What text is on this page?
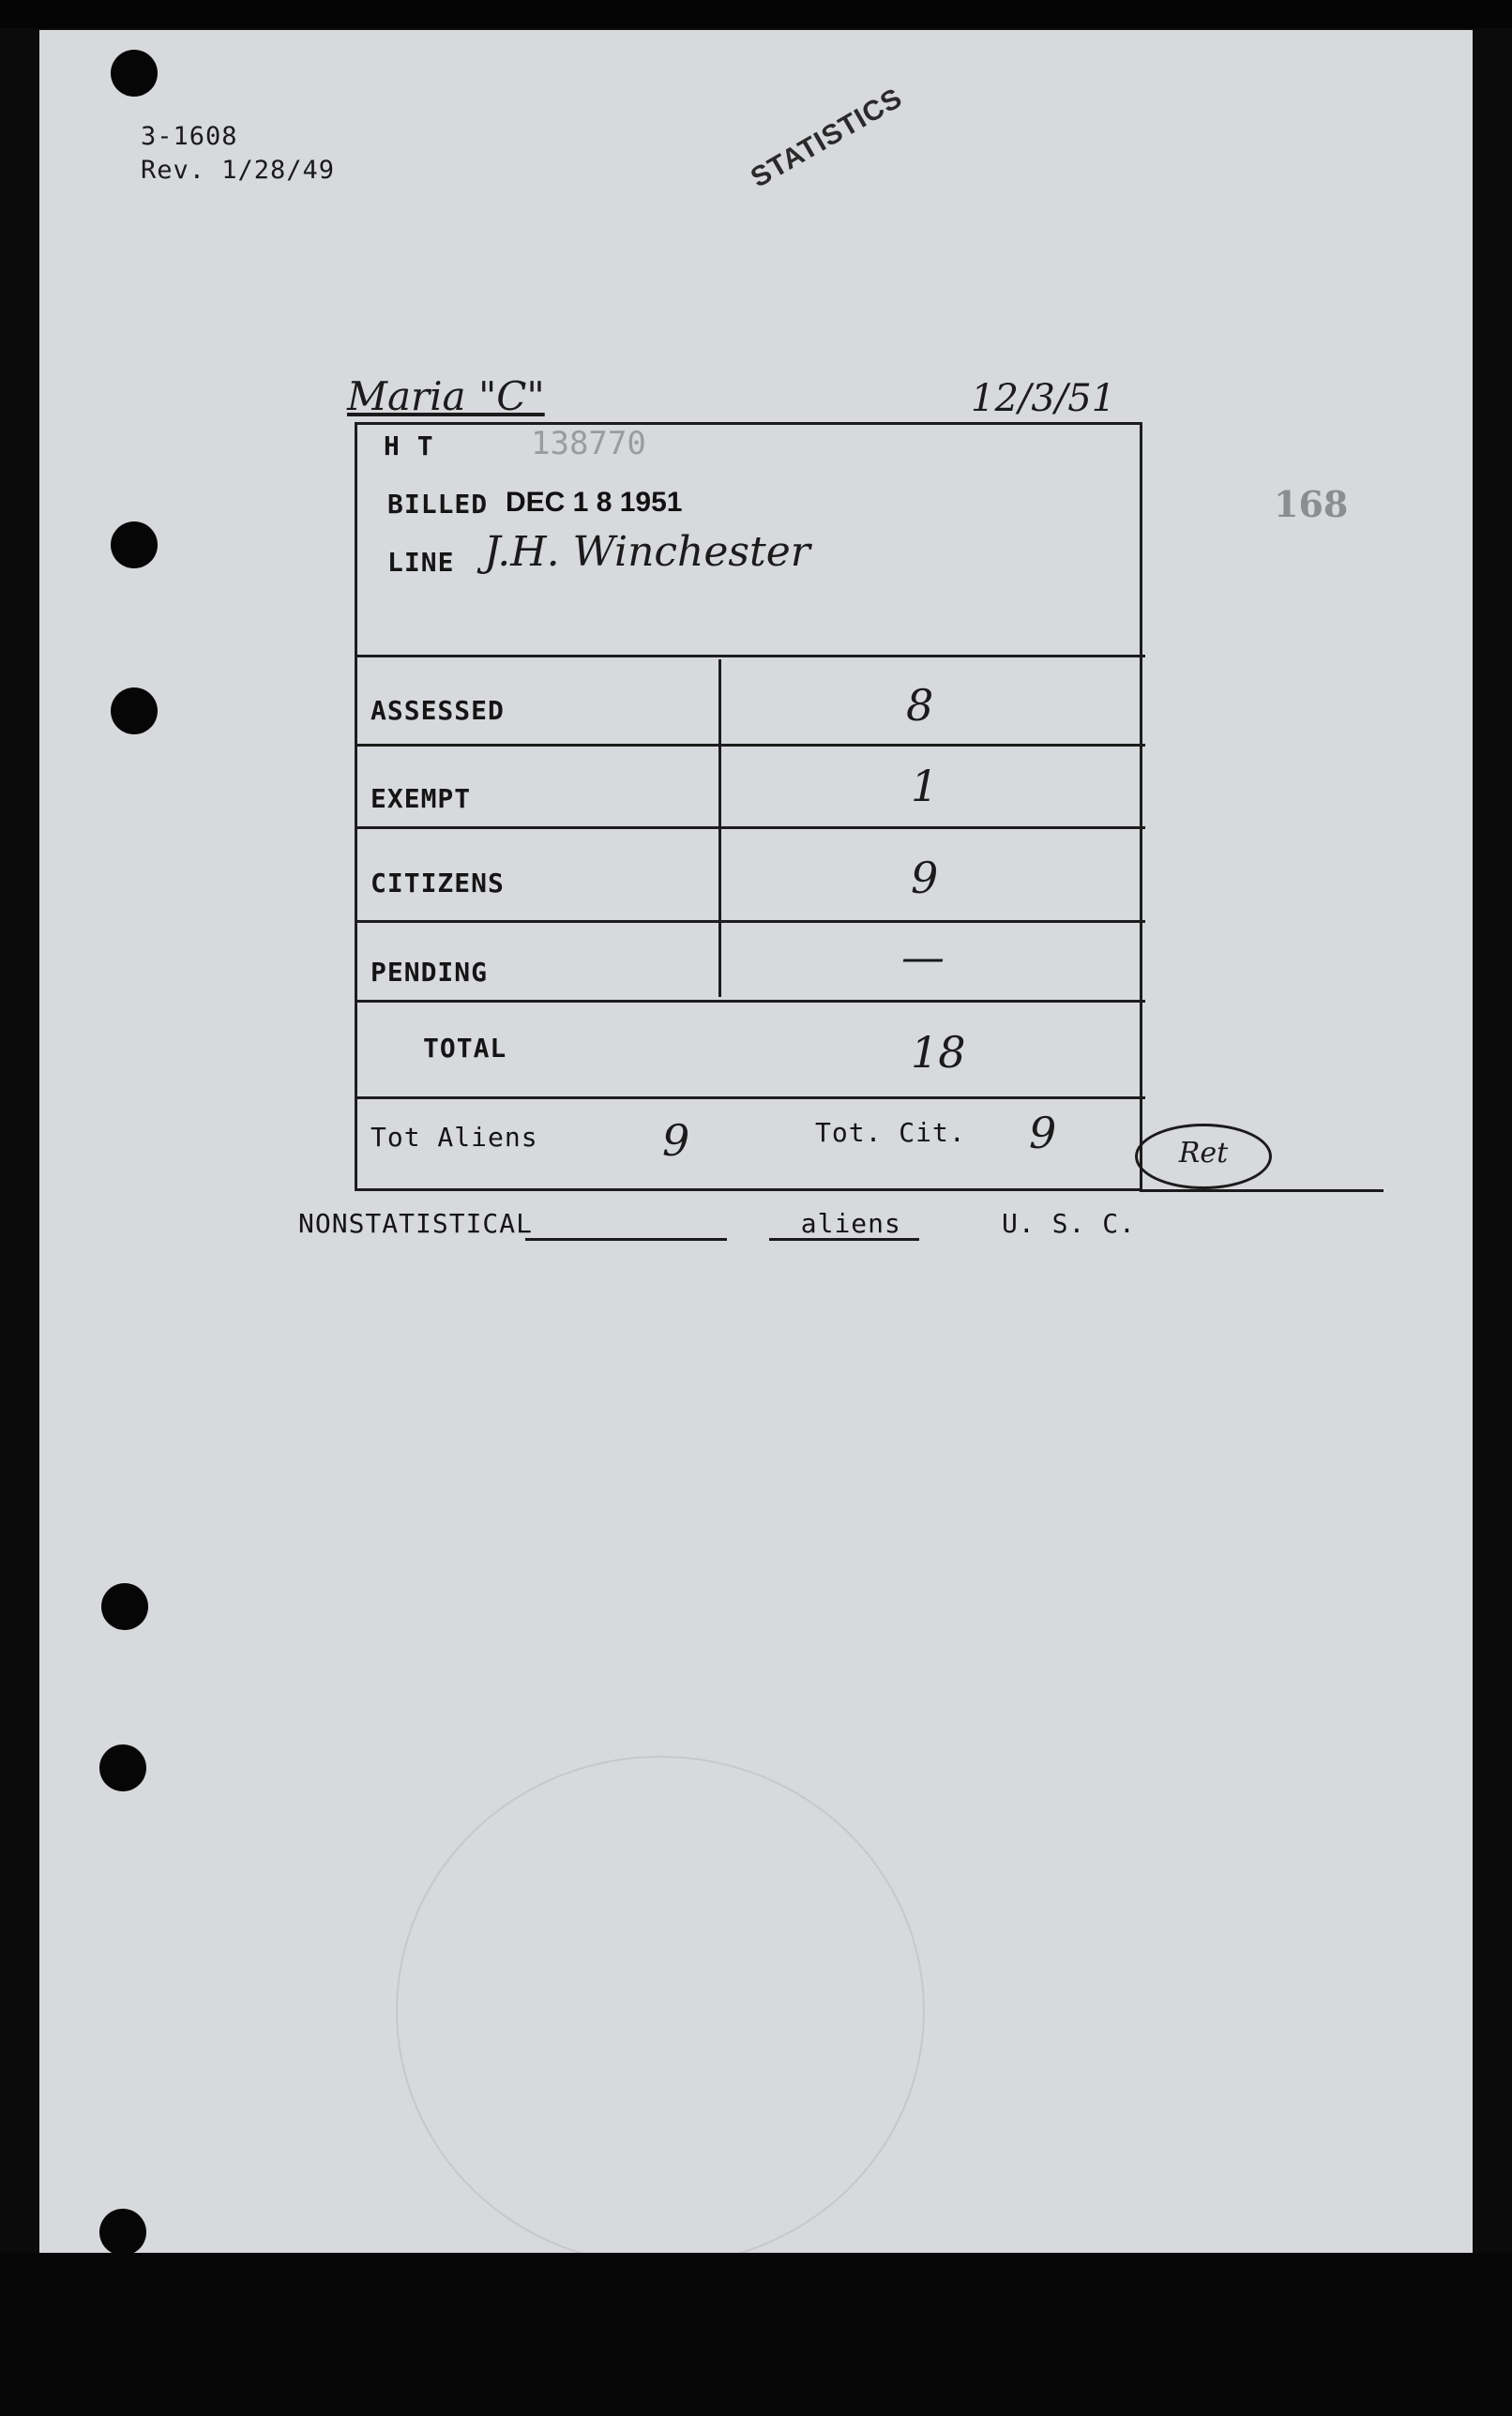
3-1608
Rev. 1/28/49	STATISTICS
Maria "C"	12/3/51
168
H T	138770
BILLED DEC 1 8 1951
LINE J.H. Winchester
ASSESSED	8
EXEMPT	1
CITIZENS	9
PENDING	—
TOTAL	18
Tot Aliens	9	Tot. Cit. 9	Ret
NONSTATISTICAL	aliens	U. S. C.
